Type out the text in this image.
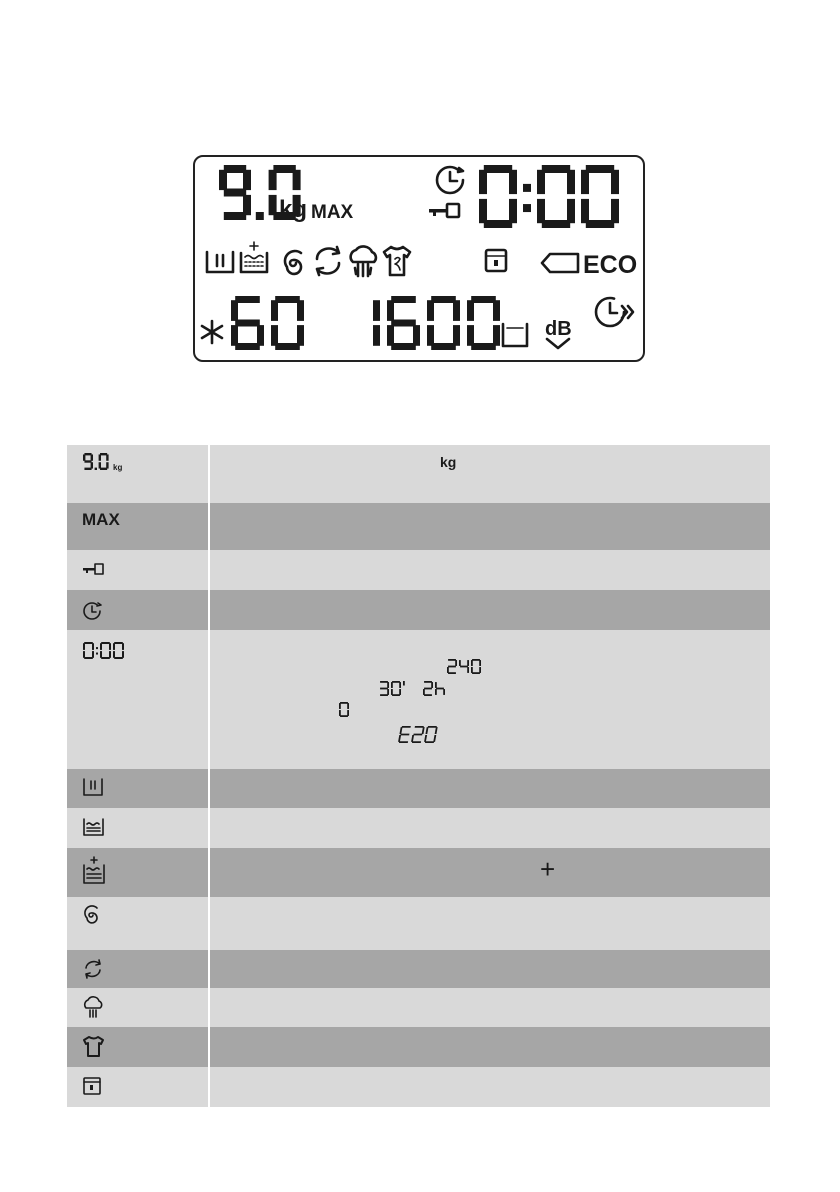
ECO
dB
kg MAX
kg	kg
MAX
+
